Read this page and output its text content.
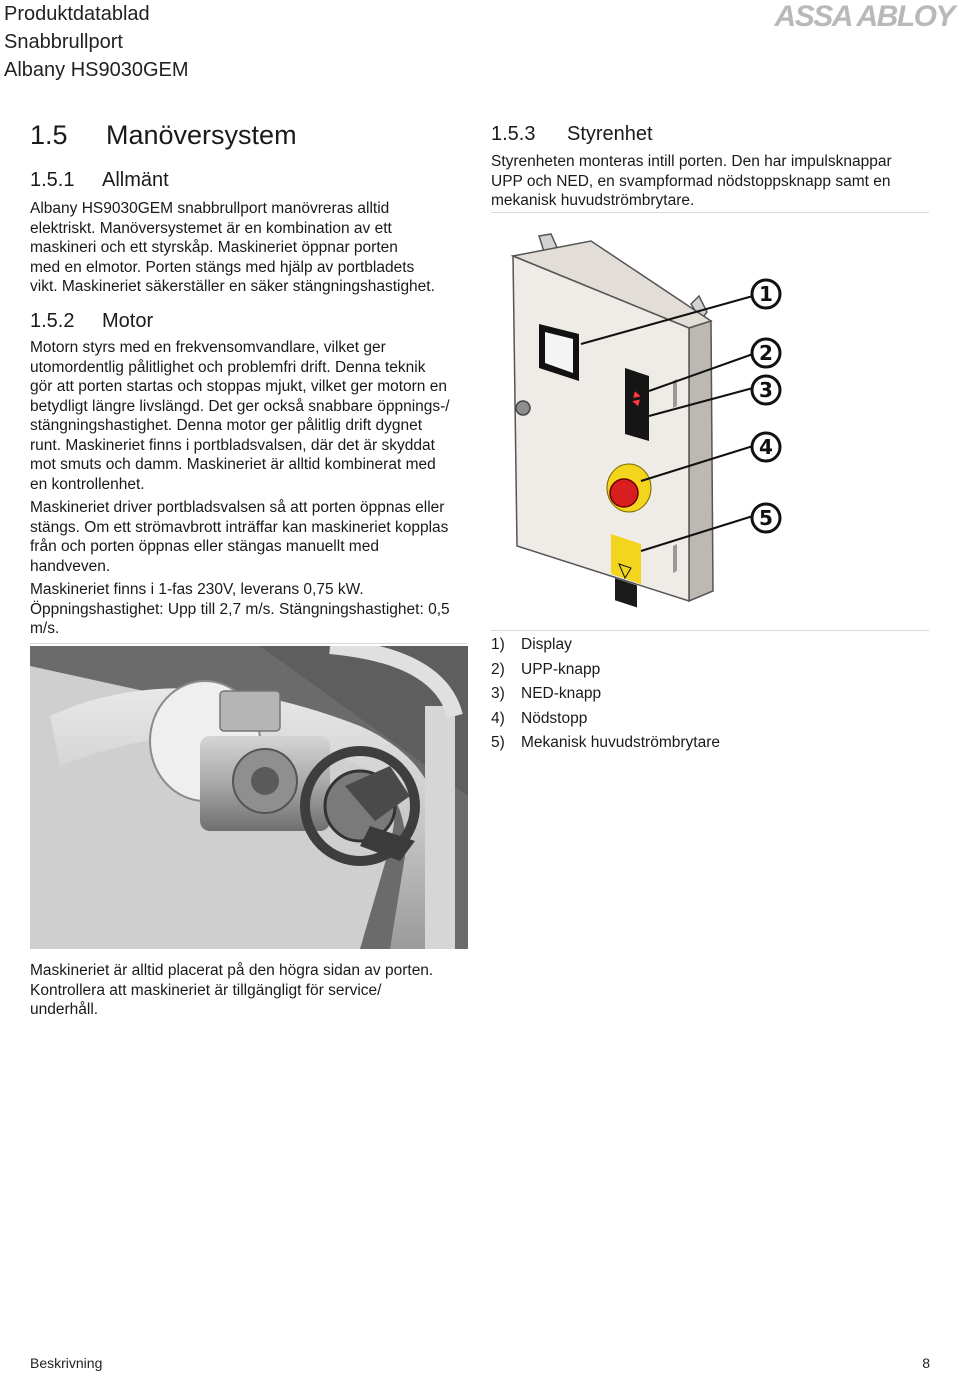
Produktdatablad
Snabbrullport
Albany HS9030GEM
ASSA ABLOY
1.5 Manöversystem
1.5.1 Allmänt
Albany HS9030GEM snabbrullport manövreras alltid
elektriskt. Manöversystemet är en kombination av ett
maskineri och ett styrskåp. Maskineriet öppnar porten
med en elmotor. Porten stängs med hjälp av portbladets
vikt. Maskineriet säkerställer en säker stängningshastighet.
1.5.2 Motor
Motorn styrs med en frekvensomvandlare, vilket ger
utomordentlig pålitlighet och problemfri drift. Denna teknik
gör att porten startas och stoppas mjukt, vilket ger motorn en
betydligt längre livslängd. Det ger också snabbare öppnings-/
stängningshastighet. Denna motor ger pålitlig drift dygnet
runt. Maskineriet finns i portbladsvalsen, där det är skyddat
mot smuts och damm. Maskineriet är alltid kombinerat med
en kontrollenhet.
Maskineriet driver portbladsvalsen så att porten öppnas eller
stängs. Om ett strömavbrott inträffar kan maskineriet kopplas
från och porten öppnas eller stängas manuellt med
handveven.
Maskineriet finns i 1-fas 230V, leverans 0,75 kW.
Öppningshastighet: Upp till 2,7 m/s. Stängningshastighet: 0,5
m/s.
Maskineriet är alltid placerat på den högra sidan av porten.
Kontrollera att maskineriet är tillgängligt för service/
underhåll.
1.5.3 Styrenhet
Styrenheten monteras intill porten. Den har impulsknappar
UPP och NED, en svampformad nödstoppsknapp samt en
mekanisk huvudströmbrytare.
▲▼
1
2
3
4
5
1) Display
2) UPP-knapp
3) NED-knapp
4) Nödstopp
5) Mekanisk huvudströmbrytare
Beskrivning	8
